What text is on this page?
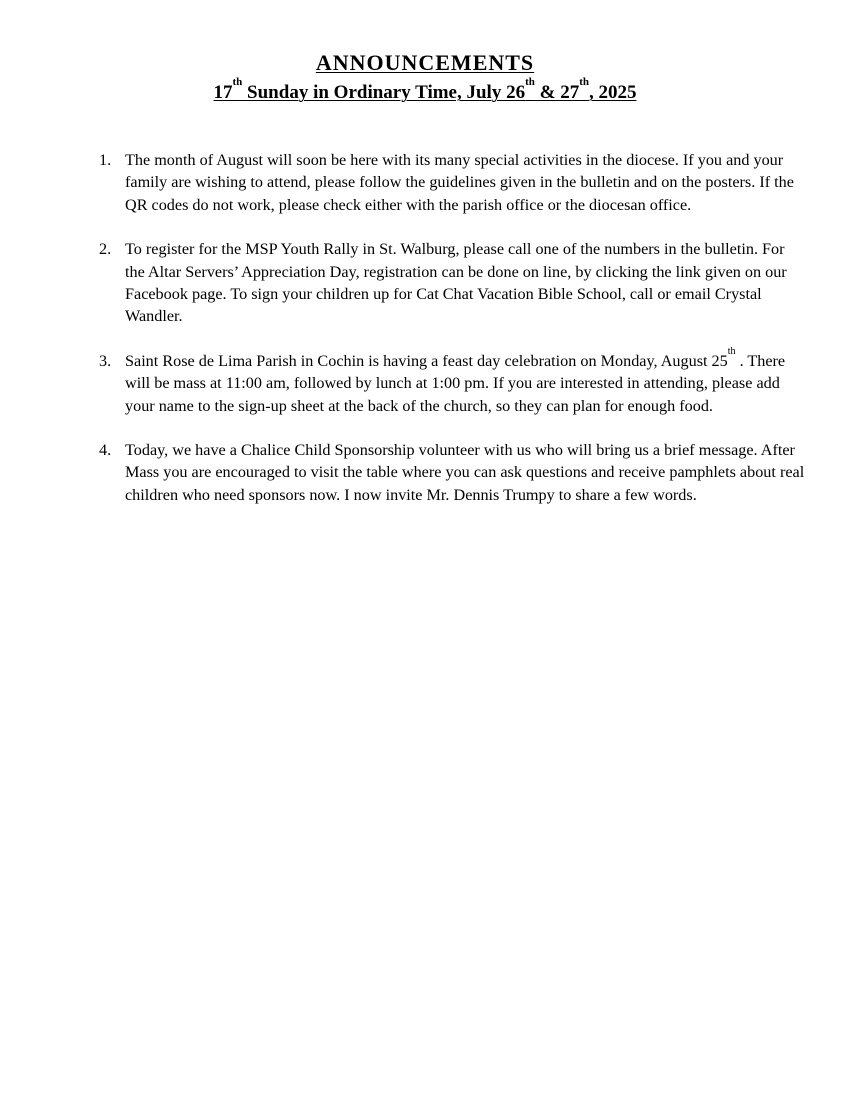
ANNOUNCEMENTS
17th Sunday in Ordinary Time, July 26th & 27th, 2025
1. The month of August will soon be here with its many special activities in the diocese. If you and your family are wishing to attend, please follow the guidelines given in the bulletin and on the posters. If the QR codes do not work, please check either with the parish office or the diocesan office.
2. To register for the MSP Youth Rally in St. Walburg, please call one of the numbers in the bulletin. For the Altar Servers’ Appreciation Day, registration can be done on line, by clicking the link given on our Facebook page. To sign your children up for Cat Chat Vacation Bible School, call or email Crystal Wandler.
3. Saint Rose de Lima Parish in Cochin is having a feast day celebration on Monday, August 25th . There will be mass at 11:00 am, followed by lunch at 1:00 pm. If you are interested in attending, please add your name to the sign-up sheet at the back of the church, so they can plan for enough food.
4. Today, we have a Chalice Child Sponsorship volunteer with us who will bring us a brief message. After Mass you are encouraged to visit the table where you can ask questions and receive pamphlets about real children who need sponsors now. I now invite Mr. Dennis Trumpy to share a few words.
